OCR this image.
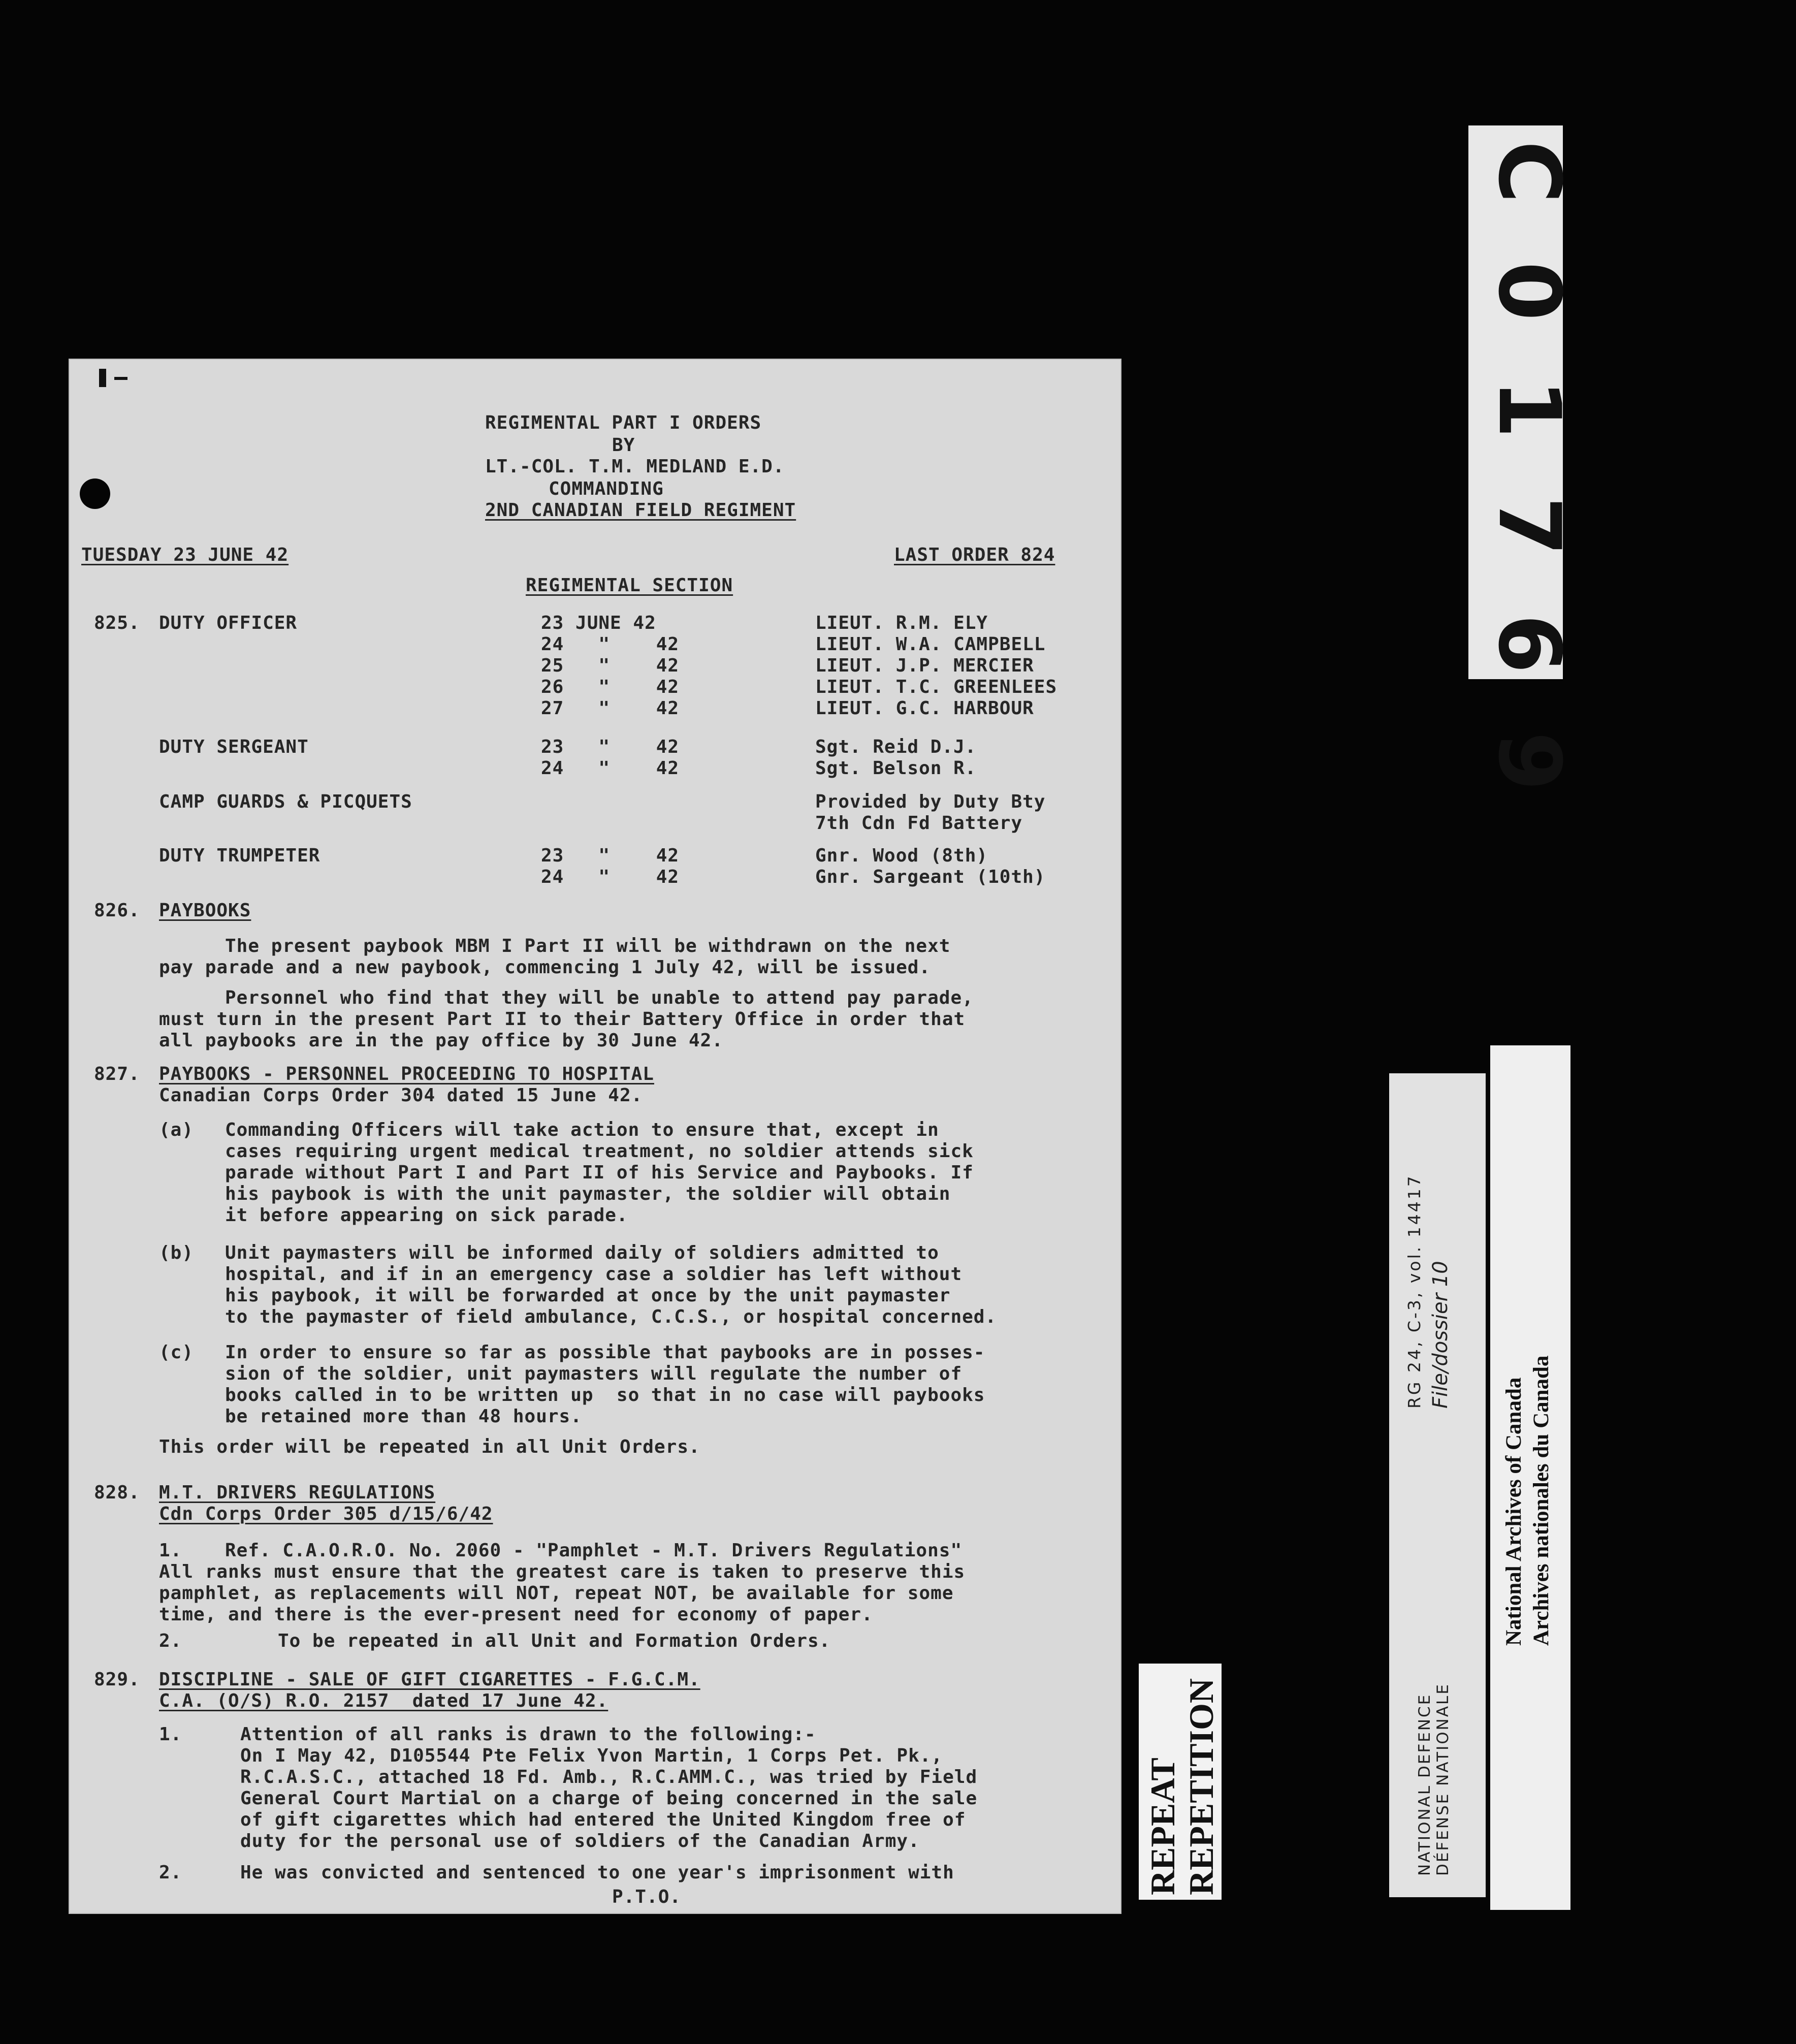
REGIMENTAL PART I ORDERS
BY
LT.-COL. T.M. MEDLAND E.D.
COMMANDING
2ND CANADIAN FIELD REGIMENT
TUESDAY 23 JUNE 42	LAST ORDER 824
REGIMENTAL SECTION
825. DUTY OFFICER	23 JUNE 42	LIEUT. R.M. ELY
24   "    42	LIEUT. W.A. CAMPBELL
25   "    42	LIEUT. J.P. MERCIER
26   "    42	LIEUT. T.C. GREENLEES
27   "    42	LIEUT. G.C. HARBOUR
DUTY SERGEANT	23   "    42	Sgt. Reid D.J.
24   "    42	Sgt. Belson R.
CAMP GUARDS & PICQUETS	Provided by Duty Bty
7th Cdn Fd Battery
DUTY TRUMPETER	23   "    42	Gnr. Wood (8th)
24   "    42	Gnr. Sargeant (10th)
826. PAYBOOKS
The present paybook MBM I Part II will be withdrawn on the next
pay parade and a new paybook, commencing 1 July 42, will be issued.
Personnel who find that they will be unable to attend pay parade,
must turn in the present Part II to their Battery Office in order that
all paybooks are in the pay office by 30 June 42.
827. PAYBOOKS - PERSONNEL PROCEEDING TO HOSPITAL
Canadian Corps Order 304 dated 15 June 42.
(a) Commanding Officers will take action to ensure that, except in
cases requiring urgent medical treatment, no soldier attends sick
parade without Part I and Part II of his Service and Paybooks. If
his paybook is with the unit paymaster, the soldier will obtain
it before appearing on sick parade.
(b) Unit paymasters will be informed daily of soldiers admitted to
hospital, and if in an emergency case a soldier has left without
his paybook, it will be forwarded at once by the unit paymaster
to the paymaster of field ambulance, C.C.S., or hospital concerned.
(c) In order to ensure so far as possible that paybooks are in posses-
sion of the soldier, unit paymasters will regulate the number of
books called in to be written up  so that in no case will paybooks
be retained more than 48 hours.
This order will be repeated in all Unit Orders.
828. M.T. DRIVERS REGULATIONS
Cdn Corps Order 305 d/15/6/42
1. Ref. C.A.O.R.O. No. 2060 - "Pamphlet - M.T. Drivers Regulations"
All ranks must ensure that the greatest care is taken to preserve this
pamphlet, as replacements will NOT, repeat NOT, be available for some
time, and there is the ever-present need for economy of paper.
2.	To be repeated in all Unit and Formation Orders.
829. DISCIPLINE - SALE OF GIFT CIGARETTES - F.G.C.M.
C.A. (O/S) R.O. 2157  dated 17 June 42.
1.	Attention of all ranks is drawn to the following:-
On I May 42, D105544 Pte Felix Yvon Martin, 1 Corps Pet. Pk.,
R.C.A.S.C., attached 18 Fd. Amb., R.C.AMM.C., was tried by Field
General Court Martial on a charge of being concerned in the sale
of gift cigarettes which had entered the United Kingdom free of
duty for the personal use of soldiers of the Canadian Army.
2.	He was convicted and sentenced to one year's imprisonment with
P.T.O.
C 0 1 7 6 9
NATIONAL DEFENCE DÉFENSE NATIONALE
RG 24, C-3, vol. 14417 File/dossier 10
National Archives of Canada Archives nationales du Canada
REPEAT REPETITION
